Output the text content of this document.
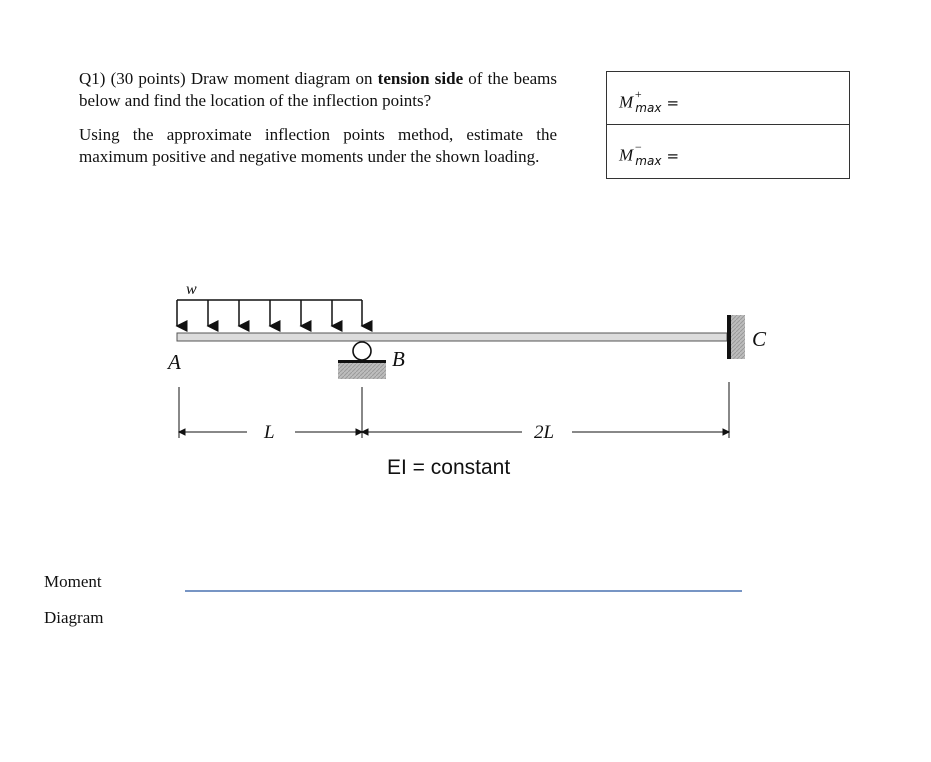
Q1) (30 points) Draw moment diagram on tension side of the beams below and find the location of the inflection points?

Using the approximate inflection points method, estimate the maximum positive and negative moments under the shown loading.

$M^+_{max}$ =
$M^-_{max}$ =
w
A	B
C
L	2L
EI = constant
Moment
Diagram
